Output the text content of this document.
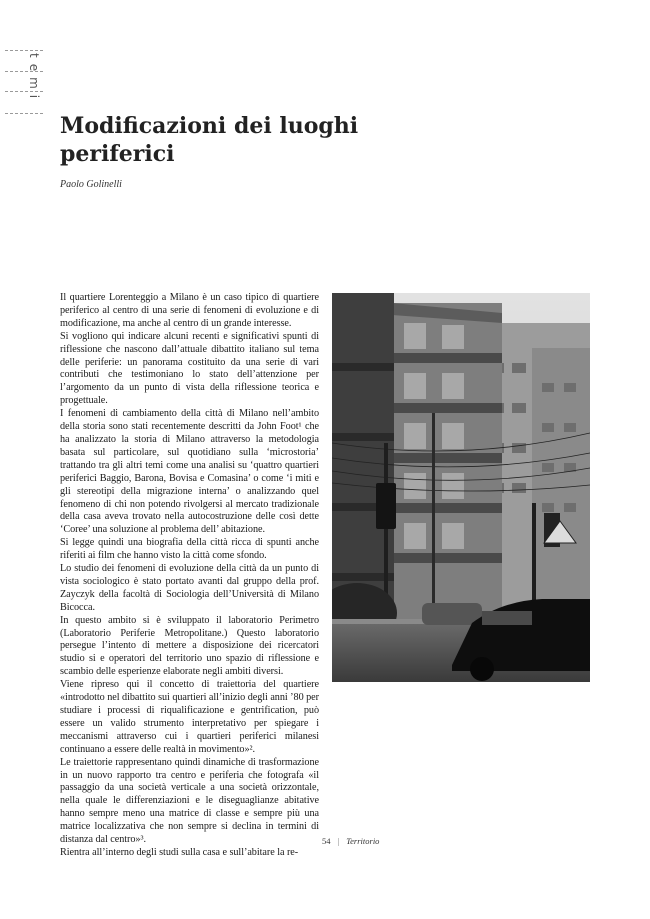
temi
Modificazioni dei luoghi
periferici
Paolo Golinelli

Il quartiere Lorenteggio a Milano è un caso tipico di quartiere periferico al centro di una serie di fenomeni di evoluzione e di modificazione, ma anche al centro di un grande interesse.

Si vogliono qui indicare alcuni recenti e significativi spunti di riflessione che nascono dall’attuale dibattito italiano sul tema delle periferie: un panorama costituito da una serie di vari contributi che testimoniano lo stato dell’attenzione per l’argomento da un punto di vista della riflessione teorica e progettuale.

I fenomeni di cambiamento della città di Milano nell’ambito della storia sono stati recentemente descritti da John Foot¹ che ha analizzato la storia di Milano attraverso la metodologia basata sul particolare, sul quotidiano sulla ‘microstoria’ trattando tra gli altri temi come una analisi su ‘quattro quartieri periferici Baggio, Barona, Bovisa e Comasina’ o come ‘i miti e gli stereotipi della migrazione interna’ o analizzando quel fenomeno di chi non potendo rivolgersi al mercato tradizionale della casa aveva trovato nella autocostruzione delle così dette ‘Coree’ una soluzione al problema dell’ abitazione.

Si legge quindi una biografia della città ricca di spunti anche riferiti ai film che hanno visto la città come sfondo.

Lo studio dei fenomeni di evoluzione della città da un punto di vista sociologico è stato portato avanti dal gruppo della prof. Zayczyk della facoltà di Sociologia dell’Università di Milano Bicocca.

In questo ambito si è sviluppato il laboratorio Perimetro (Laboratorio Periferie Metropolitane.) Questo laboratorio persegue l’intento di mettere a disposizione dei ricercatori studio si e operatori del territorio uno spazio di riflessione e scambio delle esperienze elaborate negli ambiti diversi.

Viene ripreso qui il concetto di traiettoria del quartiere «introdotto nel dibattito sui quartieri all’inizio degli anni ’80 per studiare i processi di riqualificazione e gentrification, può essere un valido strumento interpretativo per spiegare i meccanismi attraverso cui i quartieri periferici milanesi continuano a essere delle realtà in movimento»².

Le traiettorie rappresentano quindi dinamiche di trasformazione in un nuovo rapporto tra centro e periferia che fotografa «il passaggio da una società verticale a una società orizzontale, nella quale le differenziazioni e le diseguaglianze abitative hanno sempre meno una matrice di classe e sempre più una matrice localizzativa che non sempre si declina in termini di distanza dal centro»³.

Rientra all’interno degli studi sulla casa e sull’abitare la re-

54 | Territorio
